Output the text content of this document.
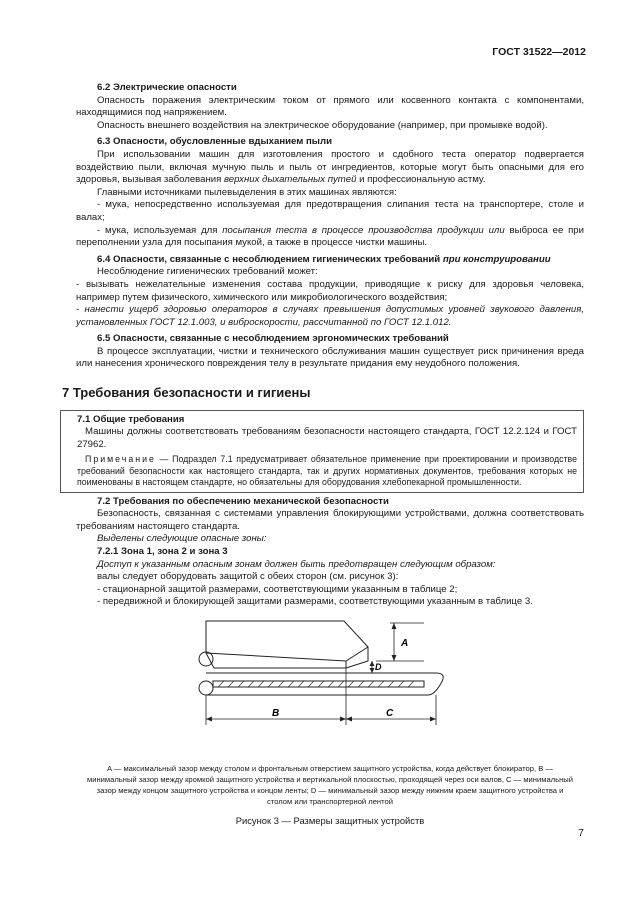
ГОСТ 31522—2012

6.2 Электрические опасности

Опасность поражения электрическим током от прямого или косвенного контакта с компонентами, находящимися под напряжением.

Опасность внешнего воздействия на электрическое оборудование (например, при промывке водой).

6.3 Опасности, обусловленные вдыханием пыли

При использовании машин для изготовления простого и сдобного теста оператор подвергается воздействию пыли, включая мучную пыль и пыль от ингредиентов, которые могут быть опасными для его здоровья, вызывая заболевания верхних дыхательных путей и профессиональную астму.

Главными источниками пылевыделения в этих машинах являются:

- мука, непосредственно используемая для предотвращения слипания теста на транспортере, столе и валах;

- мука, используемая для посыпания теста в процессе производства продукции или выброса ее при переполнении узла для посыпания мукой, а также в процессе чистки машины.

6.4 Опасности, связанные с несоблюдением гигиенических требований при конструировании

Несоблюдение гигиенических требований может:

- вызывать нежелательные изменения состава продукции, приводящие к риску для здоровья человека, например путем физического, химического или микробиологического воздействия;

- нанести ущерб здоровью операторов в случаях превышения допустимых уровней звукового давления, установленных ГОСТ 12.1.003, и виброскорости, рассчитанной по ГОСТ 12.1.012.

6.5 Опасности, связанные с несоблюдением эргономических требований

В процессе эксплуатации, чистки и технического обслуживания машин существует риск причинения вреда или нанесения хронического повреждения телу в результате придания ему неудобного положения.

7 Требования безопасности и гигиены

7.1 Общие требования

Машины должны соответствовать требованиям безопасности настоящего стандарта, ГОСТ 12.2.124 и ГОСТ 27962.

Примечание — Подраздел 7.1 предусматривает обязательное применение при проектировании и производстве требований безопасности как настоящего стандарта, так и других нормативных документов, требования которых не поименованы в настоящем стандарте, но обязательны для оборудования хлебопекарной промышленности.

7.2 Требования по обеспечению механической безопасности

Безопасность, связанная с системами управления блокирующими устройствами, должна соответствовать требованиям настоящего стандарта.

Выделены следующие опасные зоны:

7.2.1 Зона 1, зона 2 и зона 3

Доступ к указанным опасным зонам должен быть предотвращен следующим образом:

валы следует оборудовать защитой с обеих сторон (см. рисунок 3):

- стационарной защитой размерами, соответствующими указанным в таблице 2;

- передвижной и блокирующей защитами размерами, соответствующими указанным в таблице 3.

A
D
B	C

A — максимальный зазор между столом и фронтальным отверстием защитного устройства, когда действует блокиратор, B — минимальный зазор между кромкой защитного устройства и вертикальной плоскостью, проходящей через оси валов, C — минимальный зазор между концом защитного устройства и концом ленты; D — минимальный зазор между нижним краем защитного устройства и столом или транспортерной лентой

Рисунок 3 — Размеры защитных устройств

7
